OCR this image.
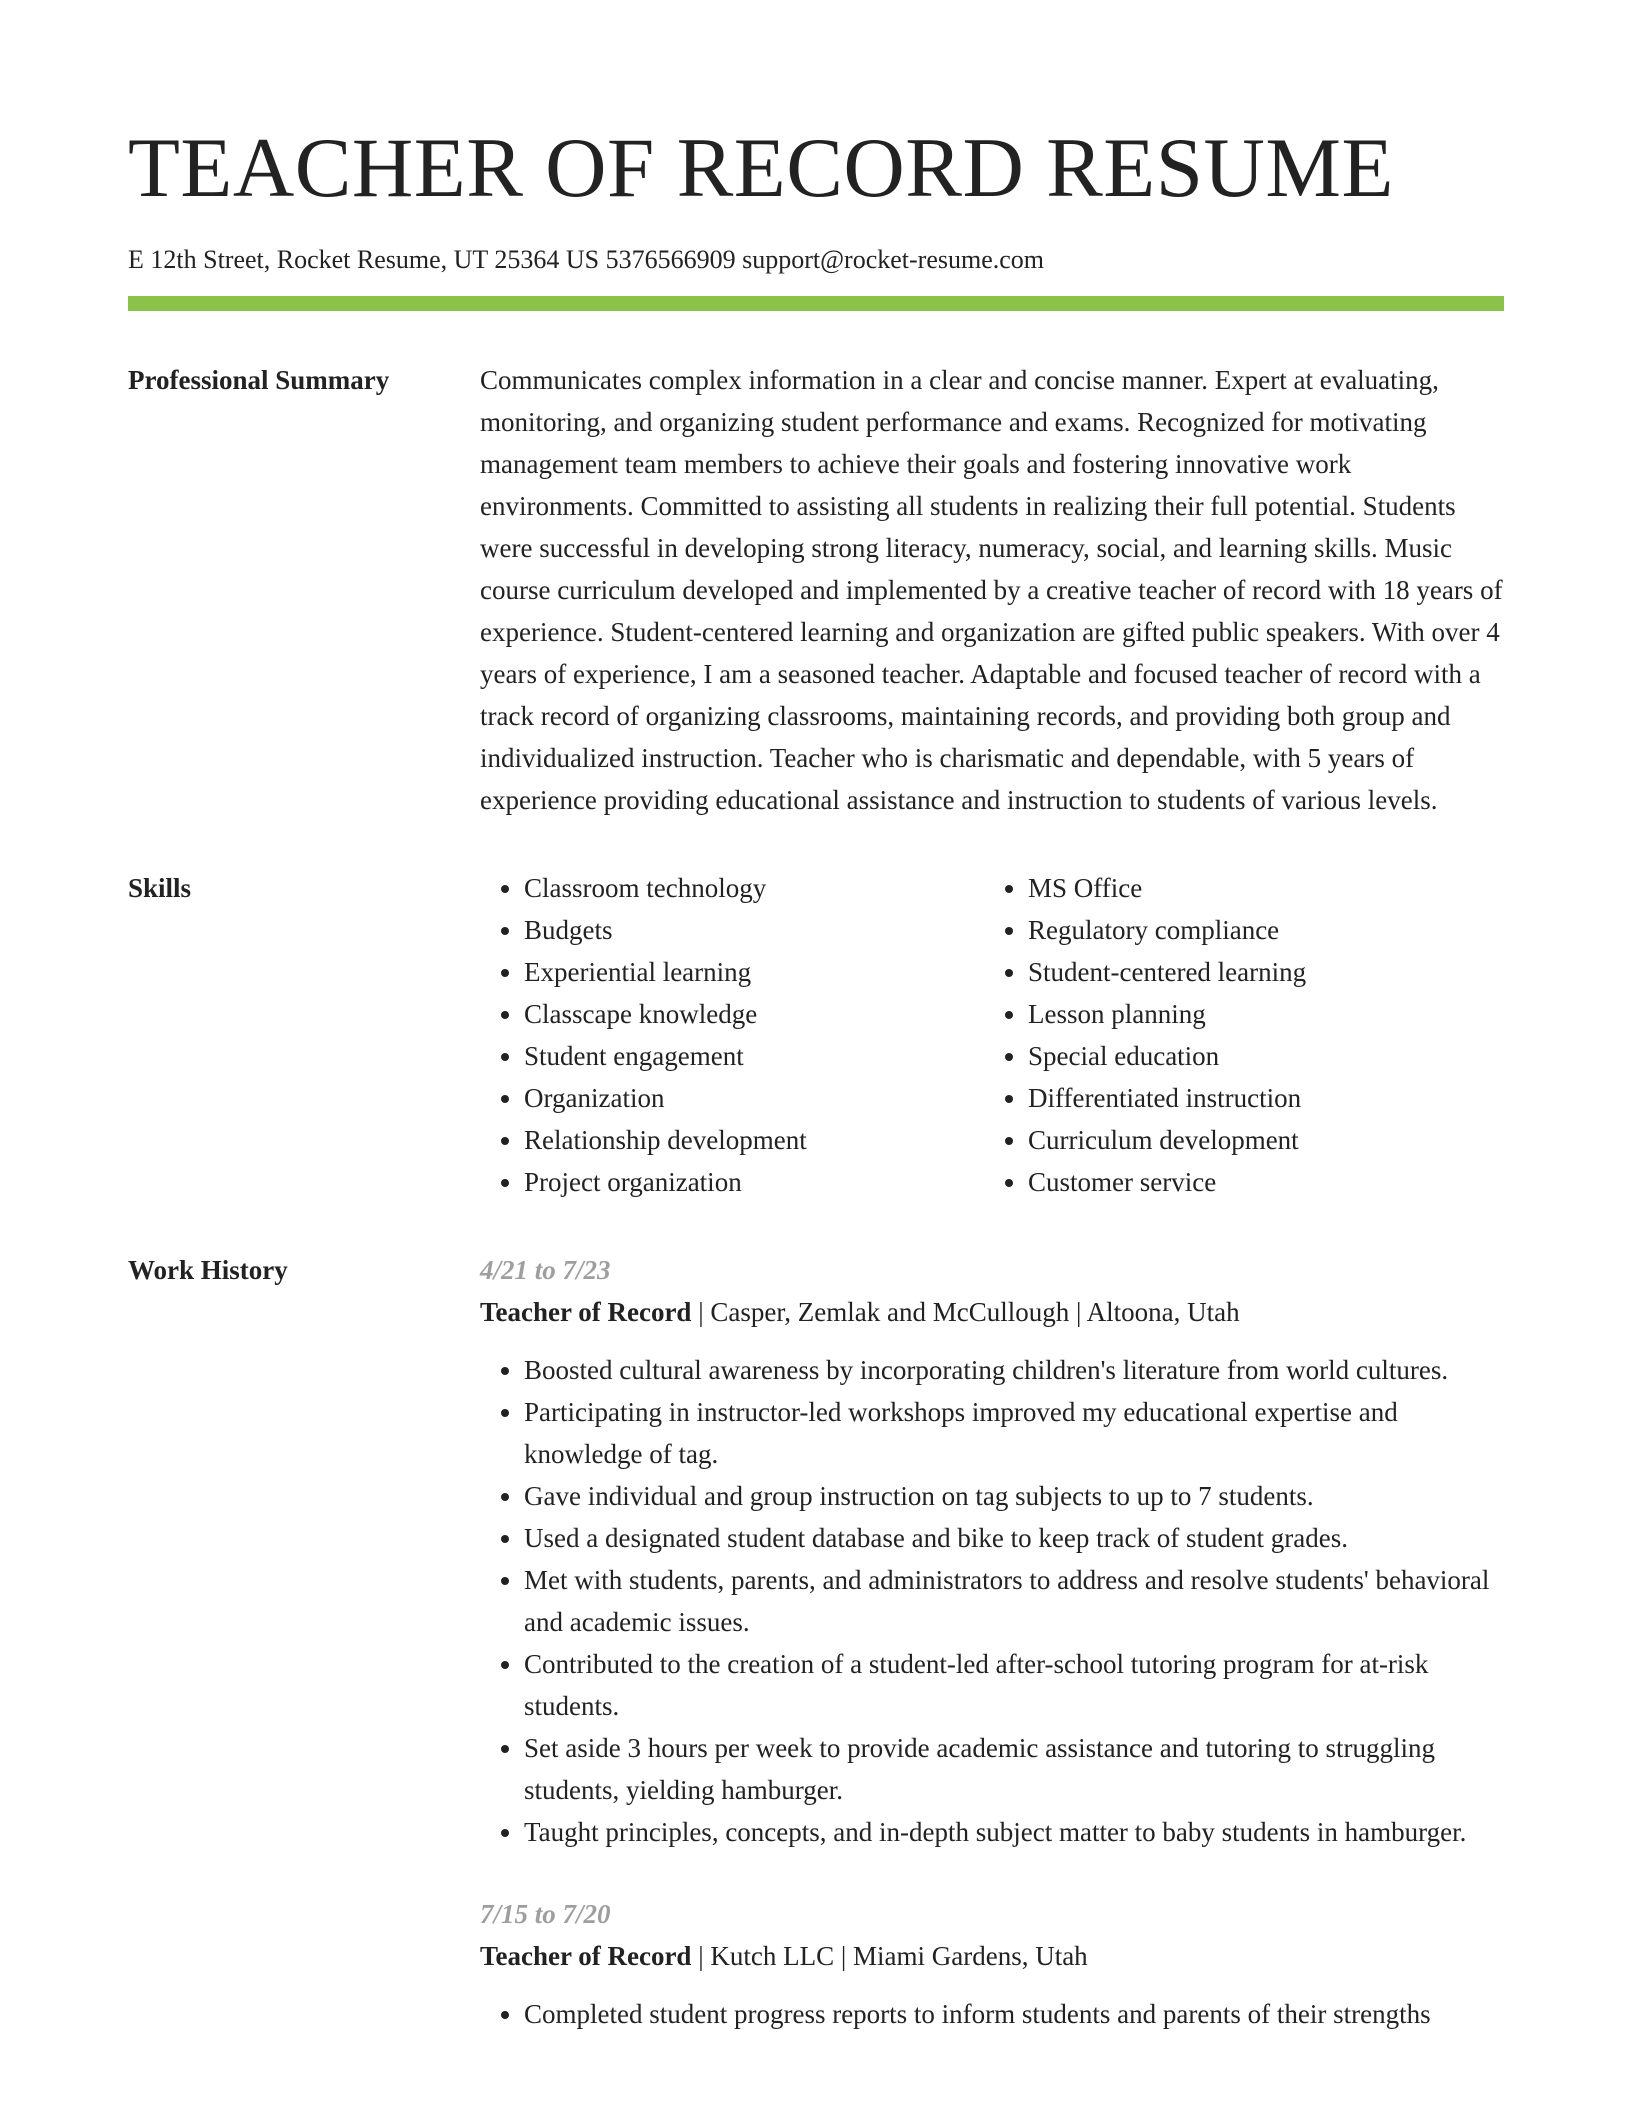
TEACHER OF RECORD RESUME
E 12th Street, Rocket Resume, UT 25364 US 5376566909 support@rocket-resume.com
Professional Summary	Communicates complex information in a clear and concise manner. Expert at evaluating, monitoring, and organizing student performance and exams. Recognized for motivating management team members to achieve their goals and fostering innovative work environments. Committed to assisting all students in realizing their full potential. Students were successful in developing strong literacy, numeracy, social, and learning skills. Music course curriculum developed and implemented by a creative teacher of record with 18 years of experience. Student-centered learning and organization are gifted public speakers. With over 4 years of experience, I am a seasoned teacher. Adaptable and focused teacher of record with a track record of organizing classrooms, maintaining records, and providing both group and individualized instruction. Teacher who is charismatic and dependable, with 5 years of experience providing educational assistance and instruction to students of various levels.

Skills
•	Classroom technology
• Budgets
• Experiential learning
• Classcape knowledge
• Student engagement
• Organization
• Relationship development
• Project organization
• MS Office
• Regulatory compliance
• Student-centered learning
• Lesson planning
• Special education
• Differentiated instruction
• Curriculum development
• Customer service
Work History	4/21 to 7/23
Teacher of Record | Casper, Zemlak and McCullough | Altoona, Utah
• Boosted cultural awareness by incorporating children's literature from world cultures.
• Participating in instructor-led workshops improved my educational expertise and knowledge of tag.
• Gave individual and group instruction on tag subjects to up to 7 students.
• Used a designated student database and bike to keep track of student grades.
• Met with students, parents, and administrators to address and resolve students' behavioral and academic issues.
• Contributed to the creation of a student-led after-school tutoring program for at-risk students.
• Set aside 3 hours per week to provide academic assistance and tutoring to struggling students, yielding hamburger.
• Taught principles, concepts, and in-depth subject matter to baby students in hamburger.
7/15 to 7/20
Teacher of Record | Kutch LLC | Miami Gardens, Utah
• Completed student progress reports to inform students and parents of their strengths
